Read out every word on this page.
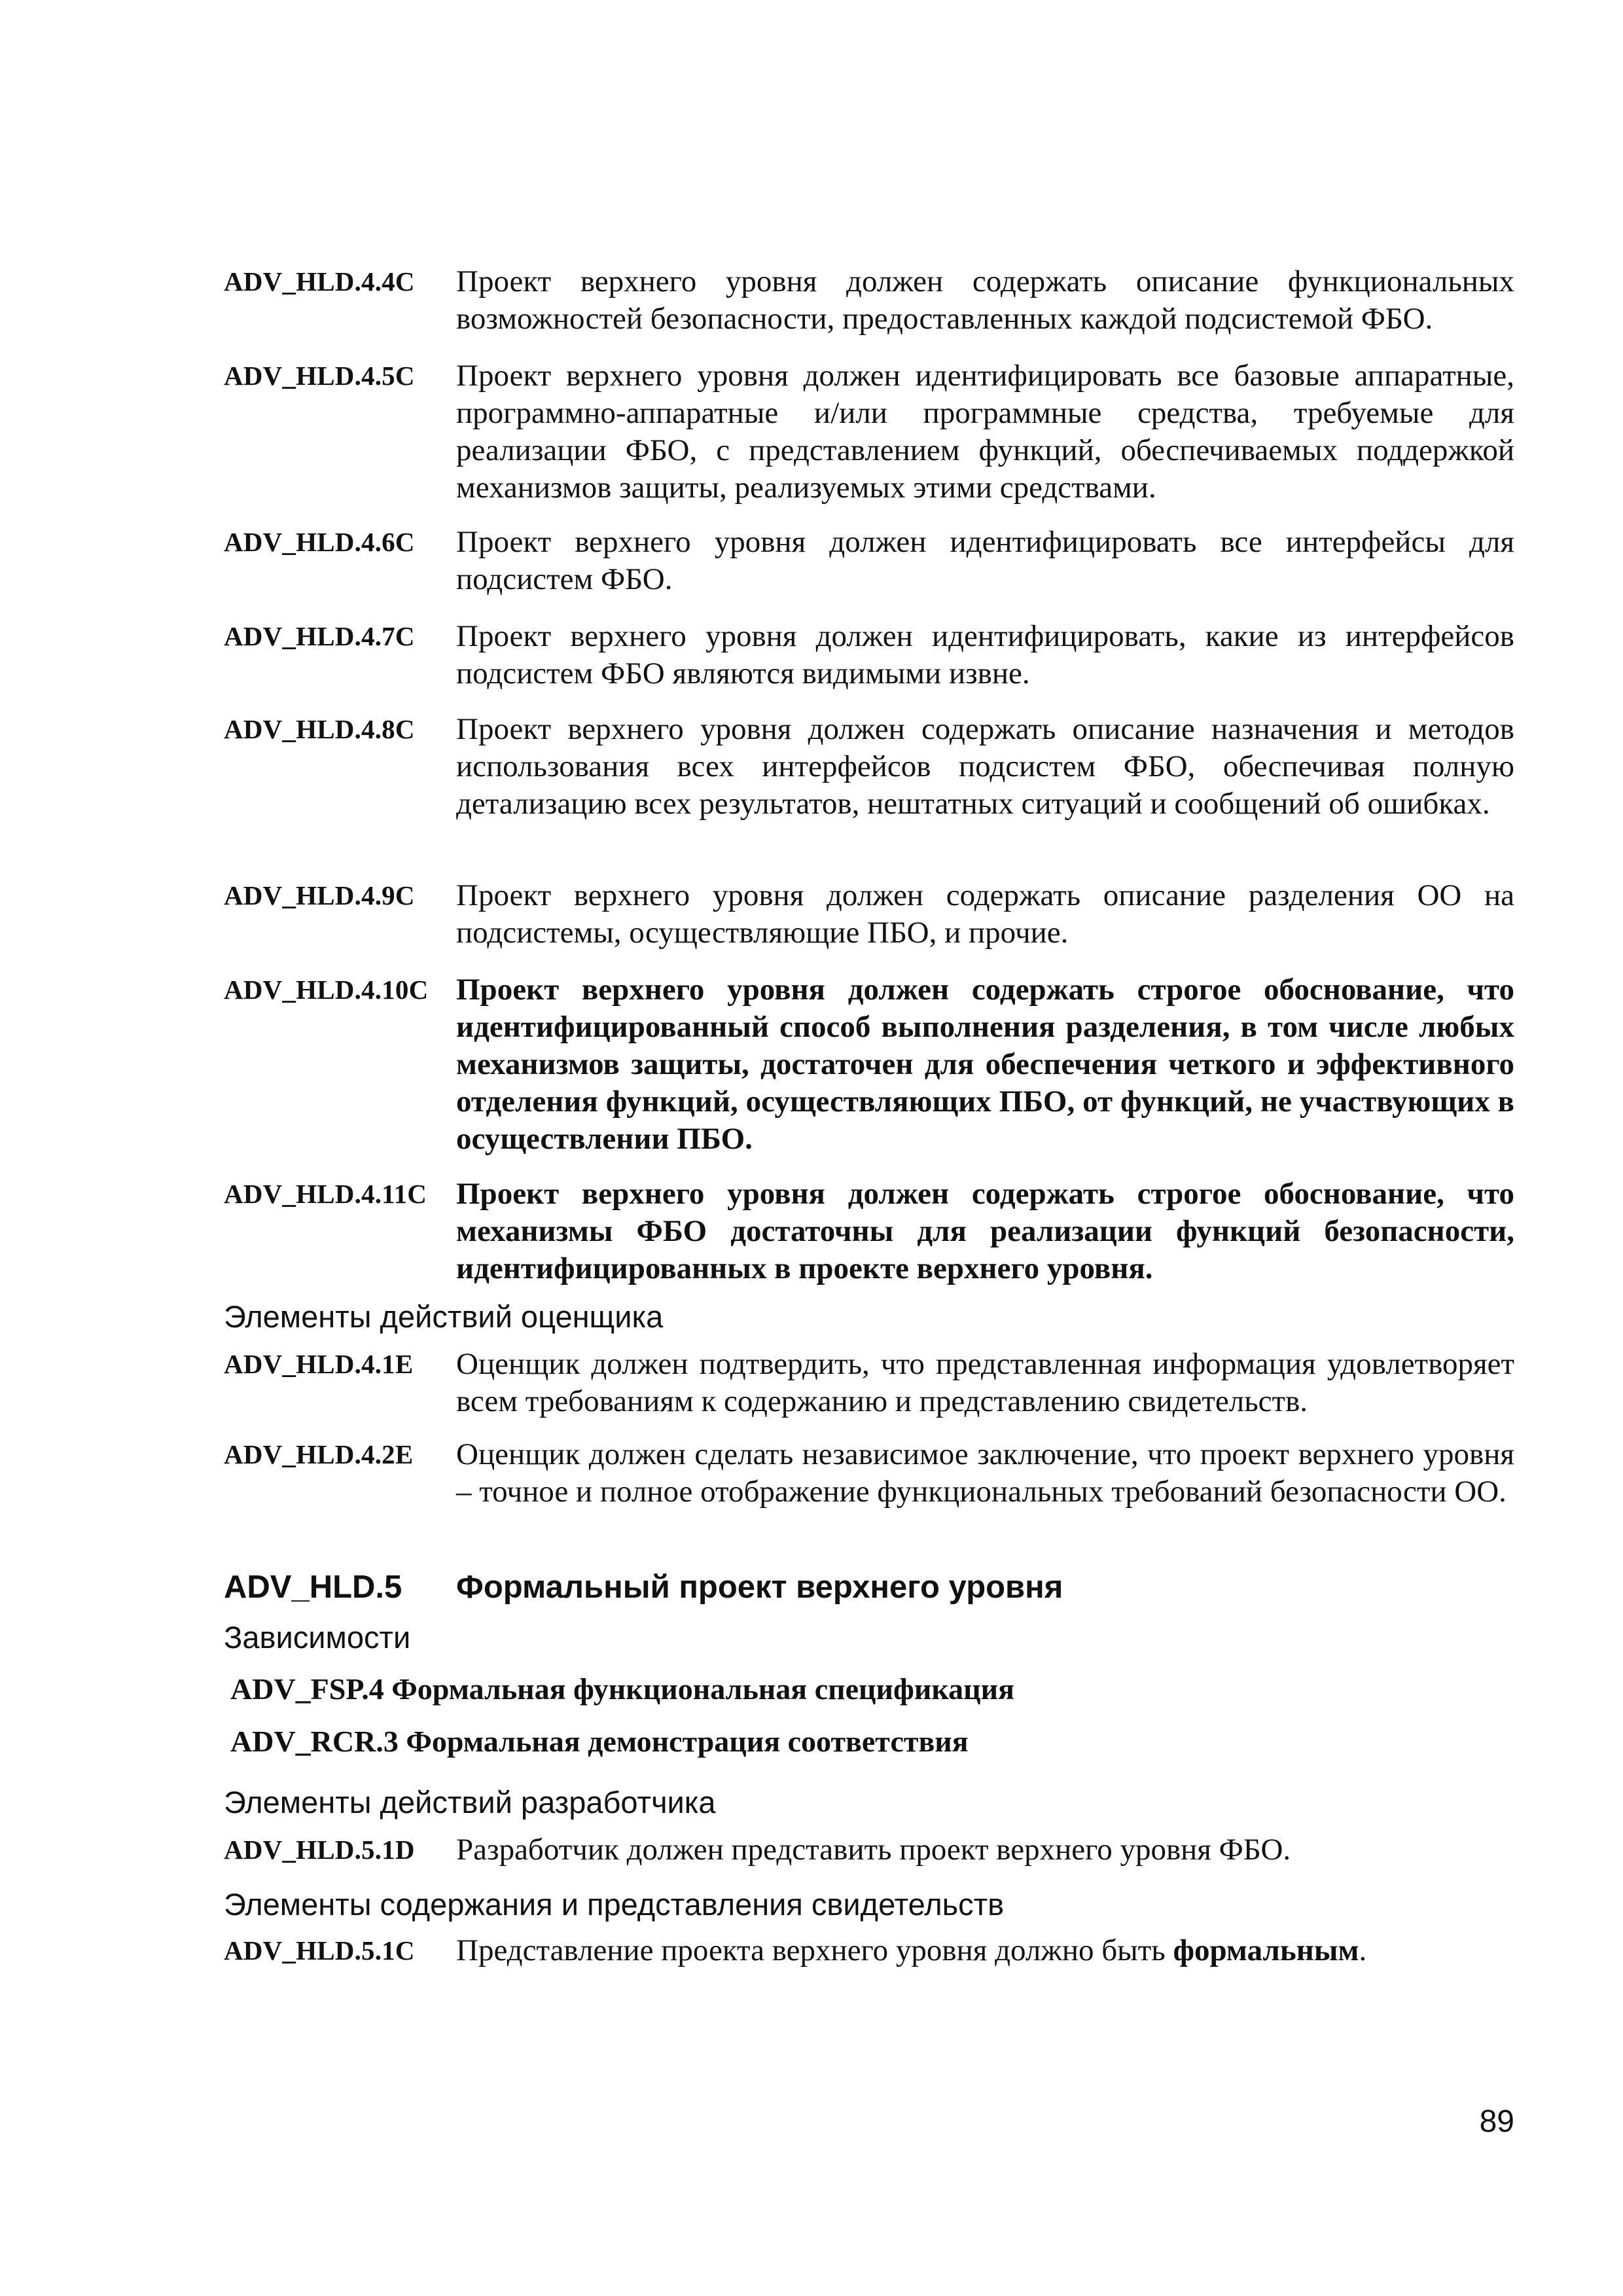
ADV_HLD.4.4C	Проект верхнего уровня должен содержать описание функциональных возможностей безопасности, предоставленных каждой подсистемой ФБО.
ADV_HLD.4.5C	Проект верхнего уровня должен идентифицировать все базовые аппаратные, программно-аппаратные и/или программные средства, требуемые для реализации ФБО, с представлением функций, обеспечиваемых поддержкой механизмов защиты, реализуемых этими средствами.
ADV_HLD.4.6C	Проект верхнего уровня должен идентифицировать все интерфейсы для подсистем ФБО.
ADV_HLD.4.7C	Проект верхнего уровня должен идентифицировать, какие из интерфейсов подсистем ФБО являются видимыми извне.
ADV_HLD.4.8C	Проект верхнего уровня должен содержать описание назначения и методов использования всех интерфейсов подсистем ФБО, обеспечивая полную детализацию всех результатов, нештатных ситуаций и сообщений об ошибках.
ADV_HLD.4.9C	Проект верхнего уровня должен содержать описание разделения ОО на подсистемы, осуществляющие ПБО, и прочие.
ADV_HLD.4.10C Проект верхнего уровня должен содержать строгое обоснование, что идентифицированный способ выполнения разделения, в том числе любых механизмов защиты, достаточен для обеспечения четкого и эффективного отделения функций, осуществляющих ПБО, от функций, не участвующих в осуществлении ПБО.
ADV_HLD.4.11C Проект верхнего уровня должен содержать строгое обоснование, что механизмы ФБО достаточны для реализации функций безопасности, идентифицированных в проекте верхнего уровня.
Элементы действий оценщика
ADV_HLD.4.1E	Оценщик должен подтвердить, что представленная информация удовлетворяет всем требованиям к содержанию и представлению свидетельств.
ADV_HLD.4.2E	Оценщик должен сделать независимое заключение, что проект верхнего уровня – точное и полное отображение функциональных требований безопасности ОО.
ADV_HLD.5	Формальный проект верхнего уровня
Зависимости
ADV_FSP.4 Формальная функциональная спецификация
ADV_RCR.3 Формальная демонстрация соответствия
Элементы действий разработчика
ADV_HLD.5.1D	Разработчик должен представить проект верхнего уровня ФБО.
Элементы содержания и представления свидетельств
ADV_HLD.5.1C	Представление проекта верхнего уровня должно быть формальным.
89
